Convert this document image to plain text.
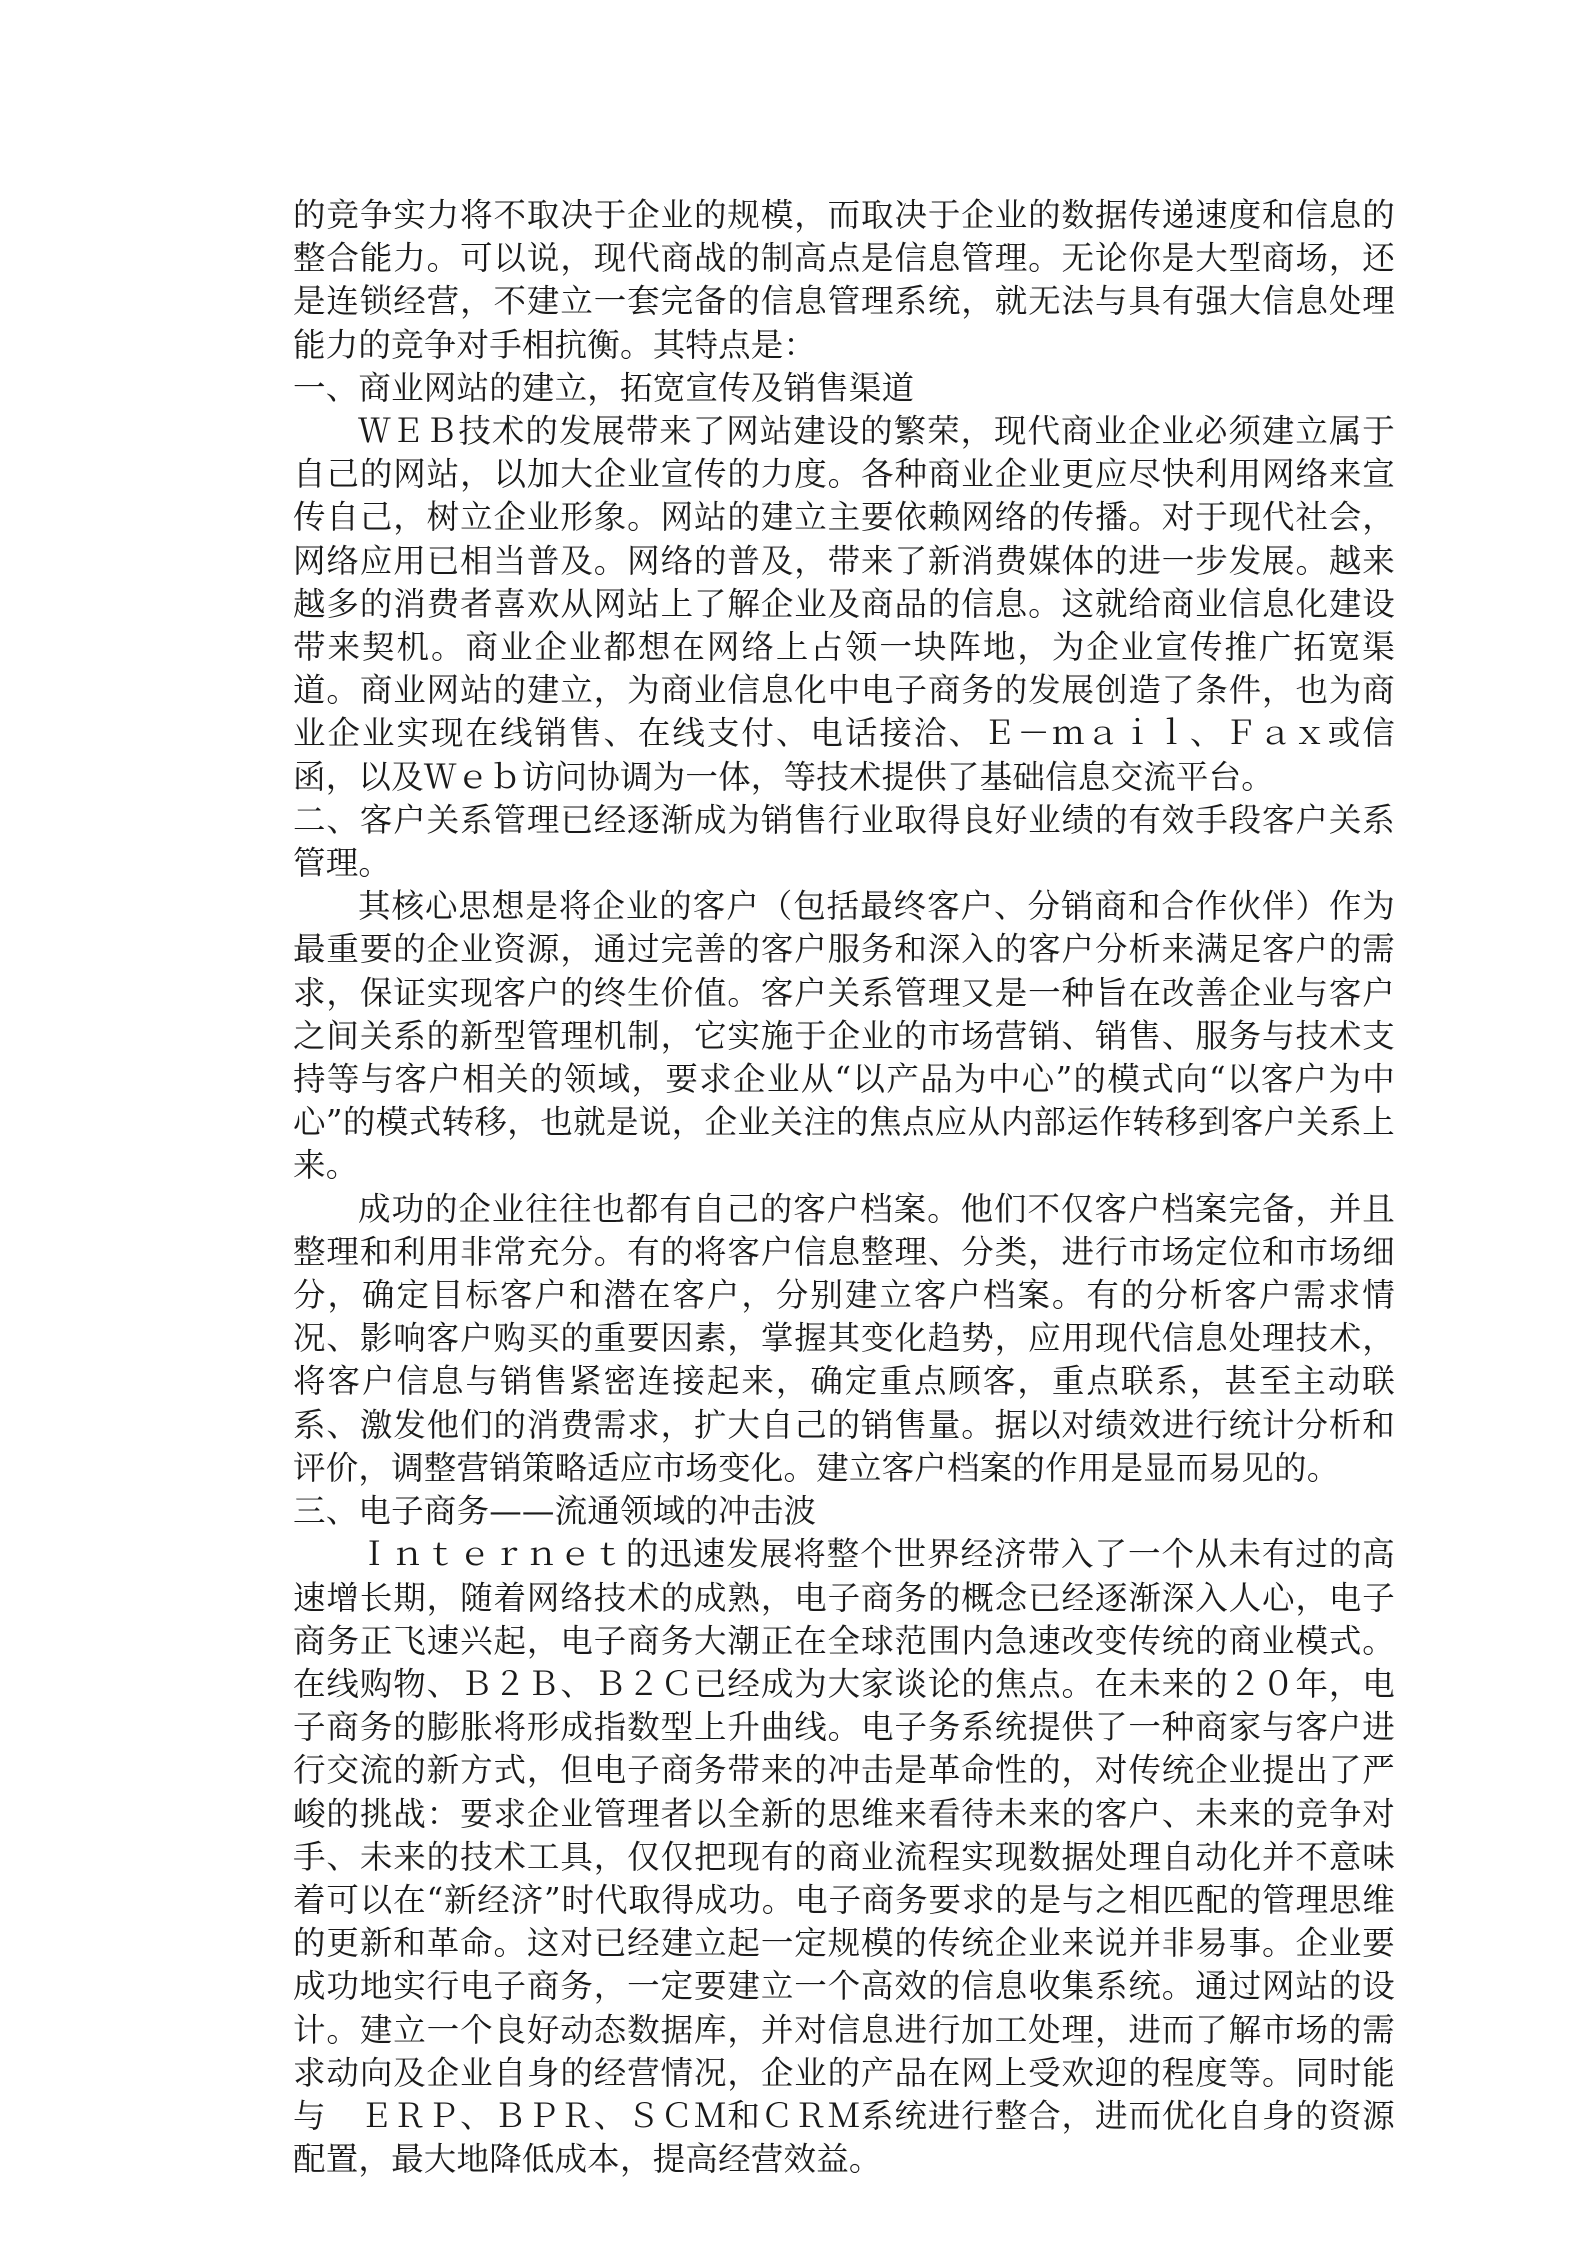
的竞争实力将不取决于企业的规模，而取决于企业的数据传递速度和信息的整合能力。可以说，现代商战的制高点是信息管理。无论你是大型商场，还是连锁经营，不建立一套完备的信息管理系统，就无法与具有强大信息处理能力的竞争对手相抗衡。其特点是：

一、商业网站的建立，拓宽宣传及销售渠道

ＷＥＢ技术的发展带来了网站建设的繁荣，现代商业企业必须建立属于自己的网站，以加大企业宣传的力度。各种商业企业更应尽快利用网络来宣传自己，树立企业形象。网站的建立主要依赖网络的传播。对于现代社会，网络应用已相当普及。网络的普及，带来了新消费媒体的进一步发展。越来越多的消费者喜欢从网站上了解企业及商品的信息。这就给商业信息化建设带来契机。商业企业都想在网络上占领一块阵地，为企业宣传推广拓宽渠道。商业网站的建立，为商业信息化中电子商务的发展创造了条件，也为商业企业实现在线销售、在线支付、电话接洽、Ｅ－ｍａｉｌ、Ｆａｘ或信函，以及Ｗｅｂ访问协调为一体，等技术提供了基础信息交流平台。

二、客户关系管理已经逐渐成为销售行业取得良好业绩的有效手段客户关系管理。

其核心思想是将企业的客户（包括最终客户、分销商和合作伙伴）作为最重要的企业资源，通过完善的客户服务和深入的客户分析来满足客户的需求，保证实现客户的终生价值。客户关系管理又是一种旨在改善企业与客户之间关系的新型管理机制，它实施于企业的市场营销、销售、服务与技术支持等与客户相关的领域，要求企业从“以产品为中心”的模式向“以客户为中心”的模式转移，也就是说，企业关注的焦点应从内部运作转移到客户关系上来。

成功的企业往往也都有自己的客户档案。他们不仅客户档案完备，并且整理和利用非常充分。有的将客户信息整理、分类，进行市场定位和市场细分，确定目标客户和潜在客户，分别建立客户档案。有的分析客户需求情况、影响客户购买的重要因素，掌握其变化趋势，应用现代信息处理技术，将客户信息与销售紧密连接起来，确定重点顾客，重点联系，甚至主动联系、激发他们的消费需求，扩大自己的销售量。据以对绩效进行统计分析和评价，调整营销策略适应市场变化。建立客户档案的作用是显而易见的。

三、电子商务——流通领域的冲击波

Ｉｎｔｅｒｎｅｔ的迅速发展将整个世界经济带入了一个从未有过的高速增长期，随着网络技术的成熟，电子商务的概念已经逐渐深入人心，电子商务正飞速兴起，电子商务大潮正在全球范围内急速改变传统的商业模式。在线购物、Ｂ２Ｂ、Ｂ２Ｃ已经成为大家谈论的焦点。在未来的２０年，电子商务的膨胀将形成指数型上升曲线。电子务系统提供了一种商家与客户进行交流的新方式，但电子商务带来的冲击是革命性的，对传统企业提出了严峻的挑战：要求企业管理者以全新的思维来看待未来的客户、未来的竞争对手、未来的技术工具，仅仅把现有的商业流程实现数据处理自动化并不意味着可以在“新经济”时代取得成功。电子商务要求的是与之相匹配的管理思维的更新和革命。这对已经建立起一定规模的传统企业来说并非易事。企业要成功地实行电子商务，一定要建立一个高效的信息收集系统。通过网站的设计。建立一个良好动态数据库，并对信息进行加工处理，进而了解市场的需求动向及企业自身的经营情况，企业的产品在网上受欢迎的程度等。同时能与　ＥＲＰ、ＢＰＲ、ＳＣＭ和ＣＲＭ系统进行整合，进而优化自身的资源配置，最大地降低成本，提高经营效益。
